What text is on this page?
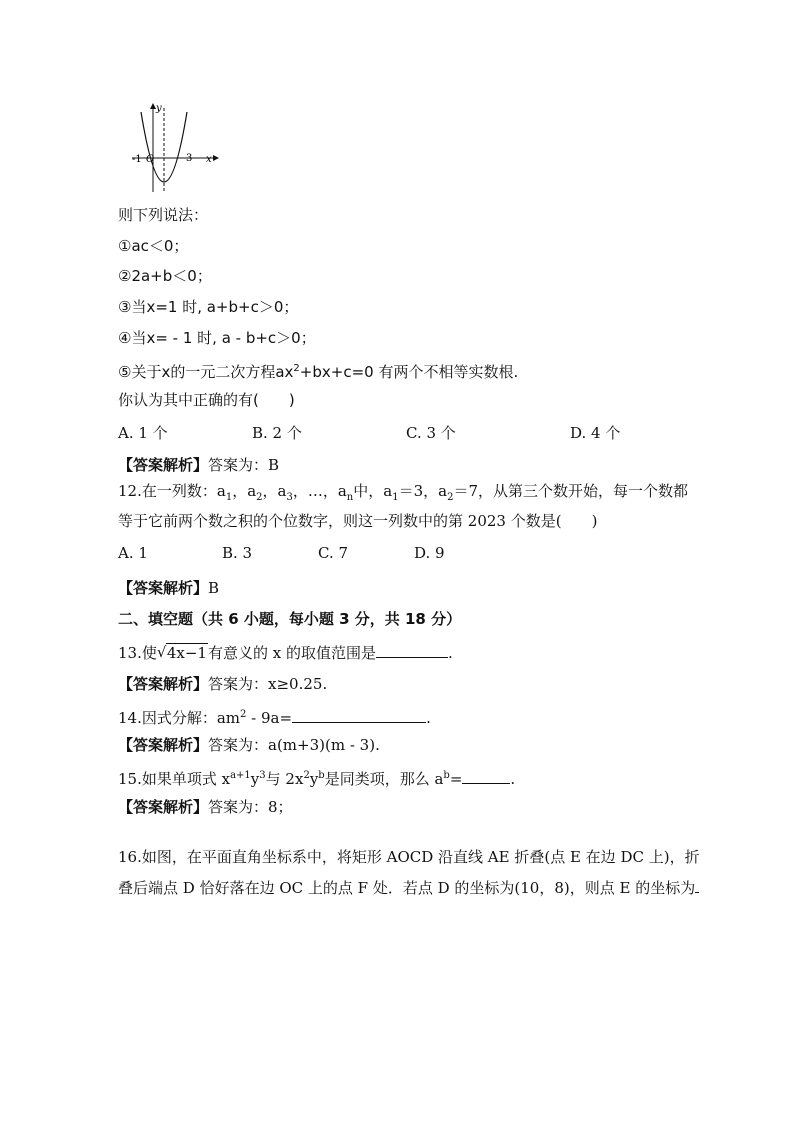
y
x
O
-1	3
则下列说法：
①ac＜0；
②2a+b＜0；
③当x=1 时, a+b+c＞0；
④当x= - 1 时, a - b+c＞0；
⑤关于x的一元二次方程$ax^2+bx+c=0$ 有两个不相等实数根.
你认为其中正确的有(　　)
A. 1 个	B. 2 个	C. 3 个	D. 4 个
【答案解析】答案为：B
12.在一列数：$a_1$，$a_2$，$a_3$，…，$a_n$中，$a_1=3$，$a_2=7$，从第三个数开始，每一个数都
等于它前两个数之积的个位数字，则这一列数中的第 2023 个数是(　　)
A. 1	B. 3	C. 7	D. 9
【答案解析】B
二、填空题（共 6 小题，每小题 3 分，共 18 分）
13.使 √ 4x−1有意义的 x 的取值范围是	.
【答案解析】答案为：x≥0.25.
14.因式分解：$am^2 - 9a=$	.
【答案解析】答案为：a(m+3)(m - 3).
15.如果单项式 $x^{a+1}y^3$与 $2x^2y^b$是同类项，那么 $a^b=$	.
【答案解析】答案为：8；
16.如图，在平面直角坐标系中，将矩形 AOCD 沿直线 AE 折叠(点 E 在边 DC 上)，折
叠后端点 D 恰好落在边 OC 上的点 F 处．若点 D 的坐标为(10，8)，则点 E 的坐标为
